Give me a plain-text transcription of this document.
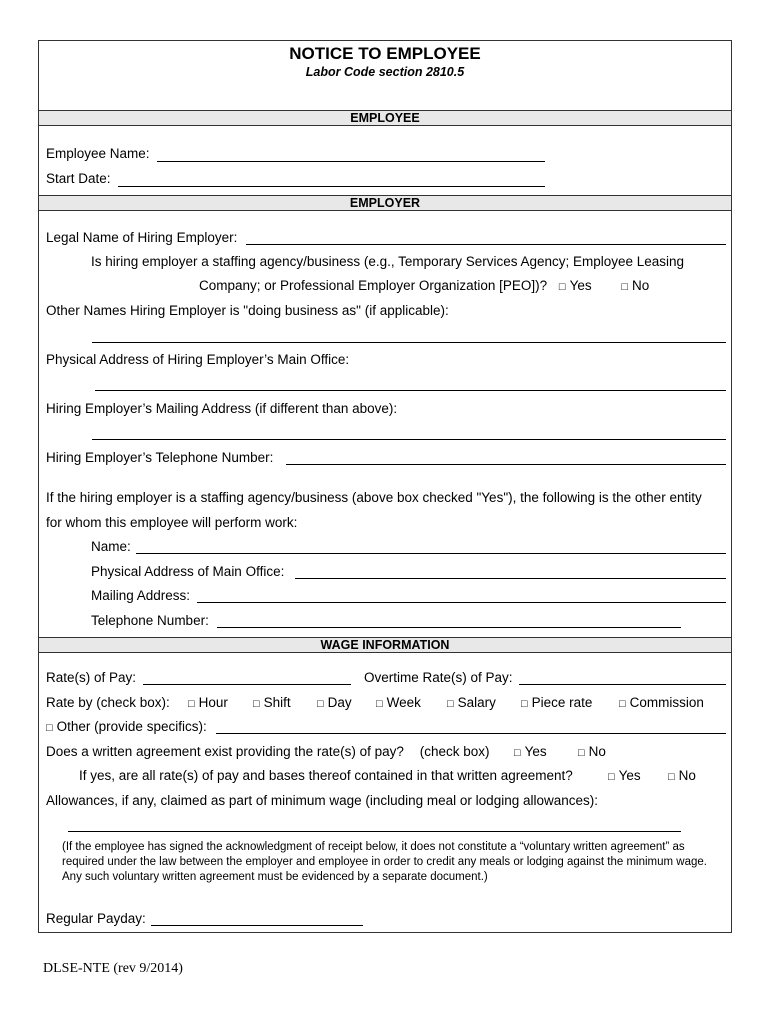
NOTICE TO EMPLOYEE
Labor Code section 2810.5
EMPLOYEE
Employee Name:
Start Date:
EMPLOYER
Legal Name of Hiring Employer:
Is hiring employer a staffing agency/business (e.g., Temporary Services Agency; Employee Leasing
Company; or Professional Employer Organization [PEO])? □ Yes	□ No
Other Names Hiring Employer is "doing business as" (if applicable):
Physical Address of Hiring Employer’s Main Office:
Hiring Employer’s Mailing Address (if different than above):
Hiring Employer’s Telephone Number:
If the hiring employer is a staffing agency/business (above box checked "Yes"), the following is the other entity
for whom this employee will perform work:
Name:
Physical Address of Main Office:
Mailing Address:
Telephone Number:
WAGE INFORMATION
Rate(s) of Pay:	Overtime Rate(s) of Pay:
Rate by (check box): □ Hour □ Shift □ Day □ Week □ Salary □ Piece rate □ Commission
□ Other (provide specifics):
Does a written agreement exist providing the rate(s) of pay? (check box) □ Yes	□ No
If yes, are all rate(s) of pay and bases thereof contained in that written agreement?	□ Yes □ No
Allowances, if any, claimed as part of minimum wage (including meal or lodging allowances):
(If the employee has signed the acknowledgment of receipt below, it does not constitute a “voluntary written agreement” as required under the law between the employer and employee in order to credit any meals or lodging against the minimum wage. Any such voluntary written agreement must be evidenced by a separate document.)
Regular Payday:
DLSE-NTE (rev 9/2014)
